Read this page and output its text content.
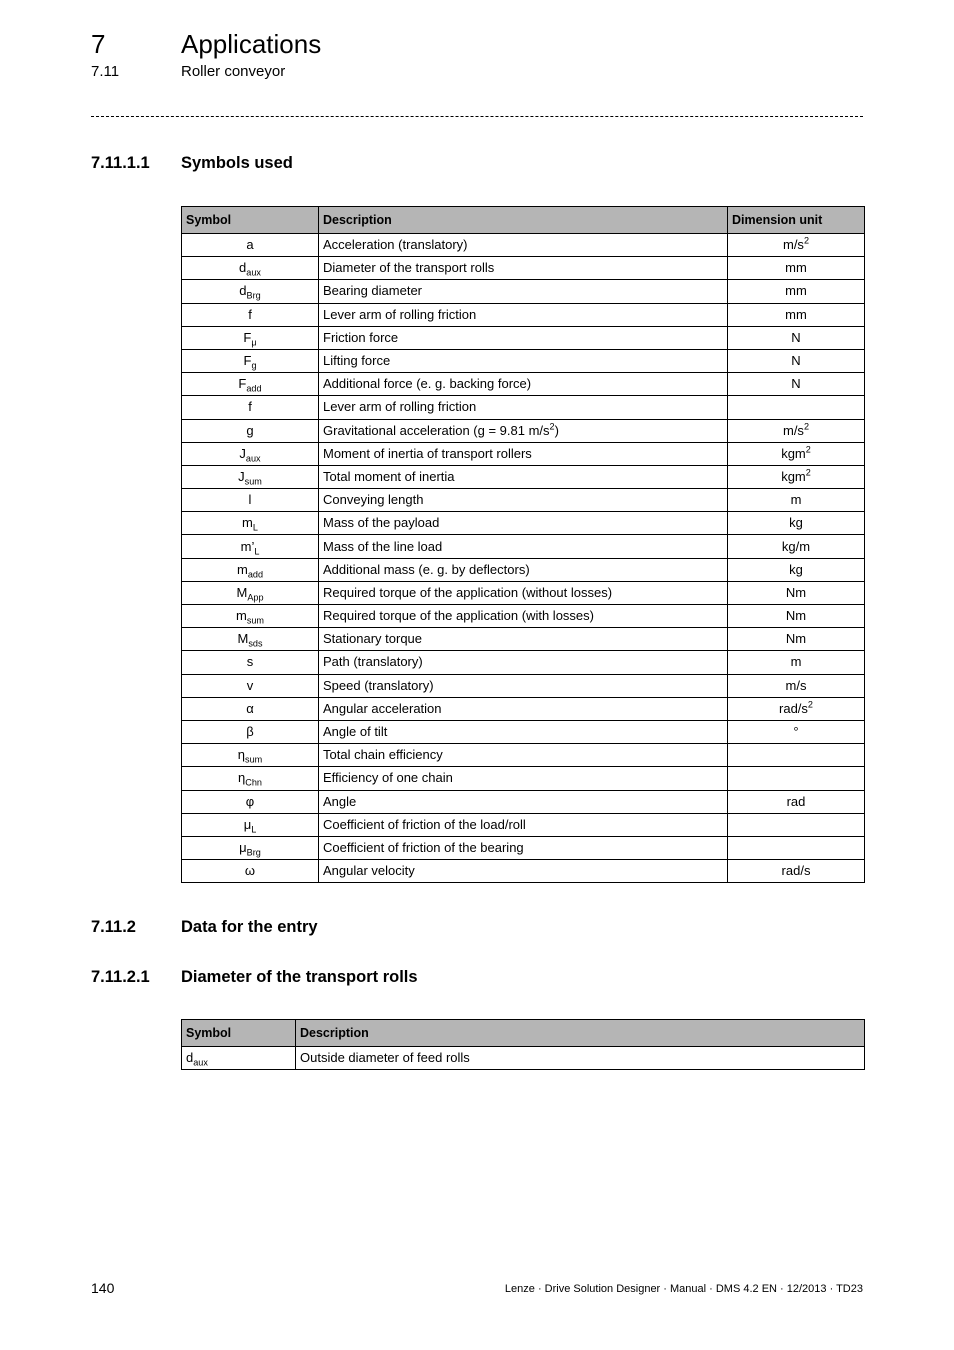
7	Applications
7.11	Roller conveyor
7.11.1.1 Symbols used
Symbol	Description	Dimension unit
a	Acceleration (translatory)	$m/s^2$
$d_{aux}$	Diameter of the transport rolls	mm
$d_{Brg}$	Bearing diameter	mm
f	Lever arm of rolling friction	mm
$F_\mu$	Friction force	N
$F_g$	Lifting force	N
$F_{add}$	Additional force (e. g. backing force)	N
f	Lever arm of rolling friction	
g	Gravitational acceleration (g = 9.81 $m/s^2$)	$m/s^2$
$J_{aux}$	Moment of inertia of transport rollers	kgm$^2$
$J_{sum}$	Total moment of inertia	kgm$^2$
l	Conveying length	m
$m_L$	Mass of the payload	kg
$m’_L$	Mass of the line load	kg/m
$m_{add}$	Additional mass (e. g. by deflectors)	kg
$M_{App}$	Required torque of the application (without losses)	Nm
$m_{sum}$	Required torque of the application (with losses)	Nm
$M_{sds}$	Stationary torque	Nm
s	Path (translatory)	m
v	Speed (translatory)	m/s
α	Angular acceleration	rad/$s^2$
β	Angle of tilt	°
$\eta_{sum}$	Total chain efficiency	
$\eta_{Chn}$	Efficiency of one chain	
φ	Angle	rad
$\mu_L$	Coefficient of friction of the load/roll	
$\mu_{Brg}$	Coefficient of friction of the bearing	
ω	Angular velocity	rad/s
7.11.2	Data for the entry
7.11.2.1 Diameter of the transport rolls
Symbol	Description
$d_{aux}$	Outside diameter of feed rolls
140	Lenze · Drive Solution Designer · Manual · DMS 4.2 EN · 12/2013 · TD23
